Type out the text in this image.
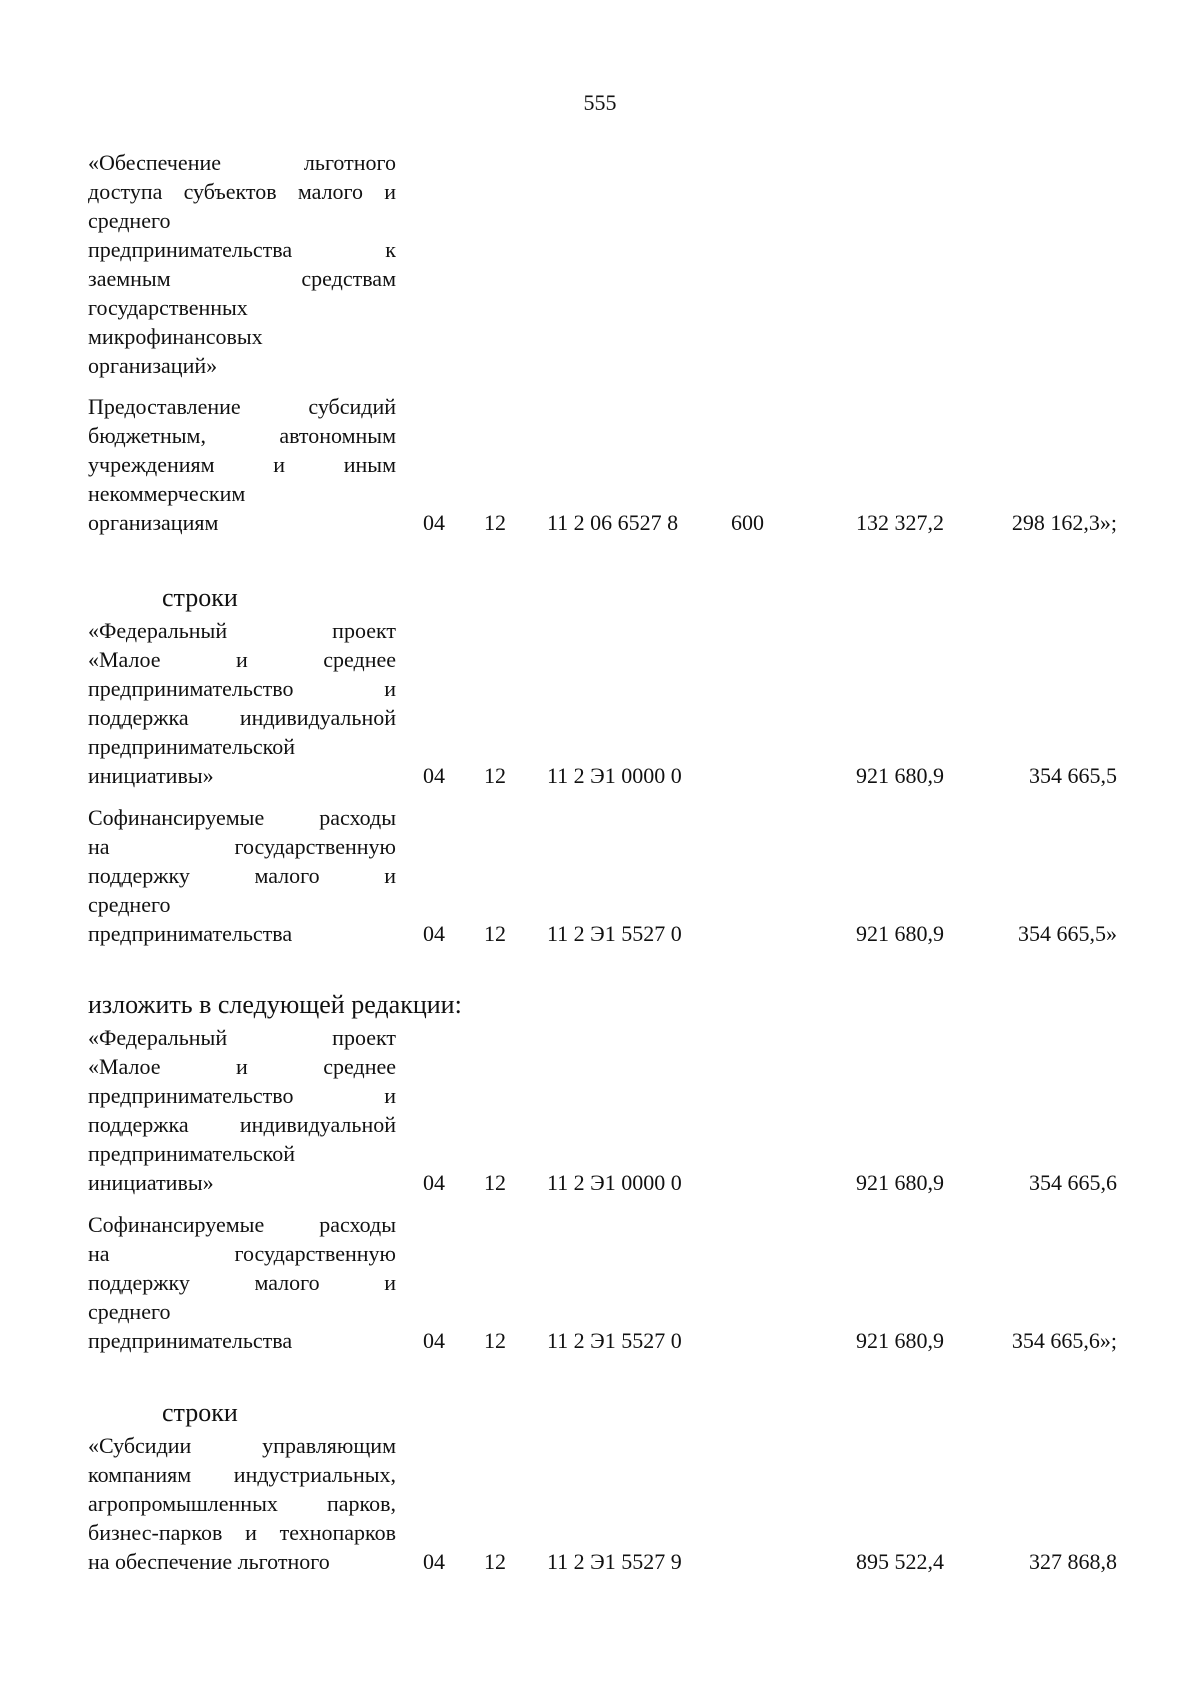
555
«Обеспечение льготного
доступа субъектов малого и
среднего
предпринимательства к
заемным средствам
государственных
микрофинансовых
организаций»
Предоставление субсидий
бюджетным, автономным
учреждениям и иным
некоммерческим
организациям	04 12 11 2 06 6527 8 600	132 327,2	298 162,3»;
строки
«Федеральный проект
«Малое и среднее
предпринимательство и
поддержка индивидуальной
предпринимательской
инициативы»	04 12 11 2 Э1 0000 0	921 680,9	354 665,5
Софинансируемые расходы
на государственную
поддержку малого и
среднего
предпринимательства	04 12 11 2 Э1 5527 0	921 680,9	354 665,5»
изложить в следующей редакции:
«Федеральный проект
«Малое и среднее
предпринимательство и
поддержка индивидуальной
предпринимательской
инициативы»	04 12 11 2 Э1 0000 0	921 680,9	354 665,6
Софинансируемые расходы
на государственную
поддержку малого и
среднего
предпринимательства	04 12 11 2 Э1 5527 0	921 680,9	354 665,6»;
строки
«Субсидии управляющим
компаниям индустриальных,
агропромышленных парков,
бизнес-парков и технопарков
на обеспечение льготного	04 12 11 2 Э1 5527 9	895 522,4	327 868,8
